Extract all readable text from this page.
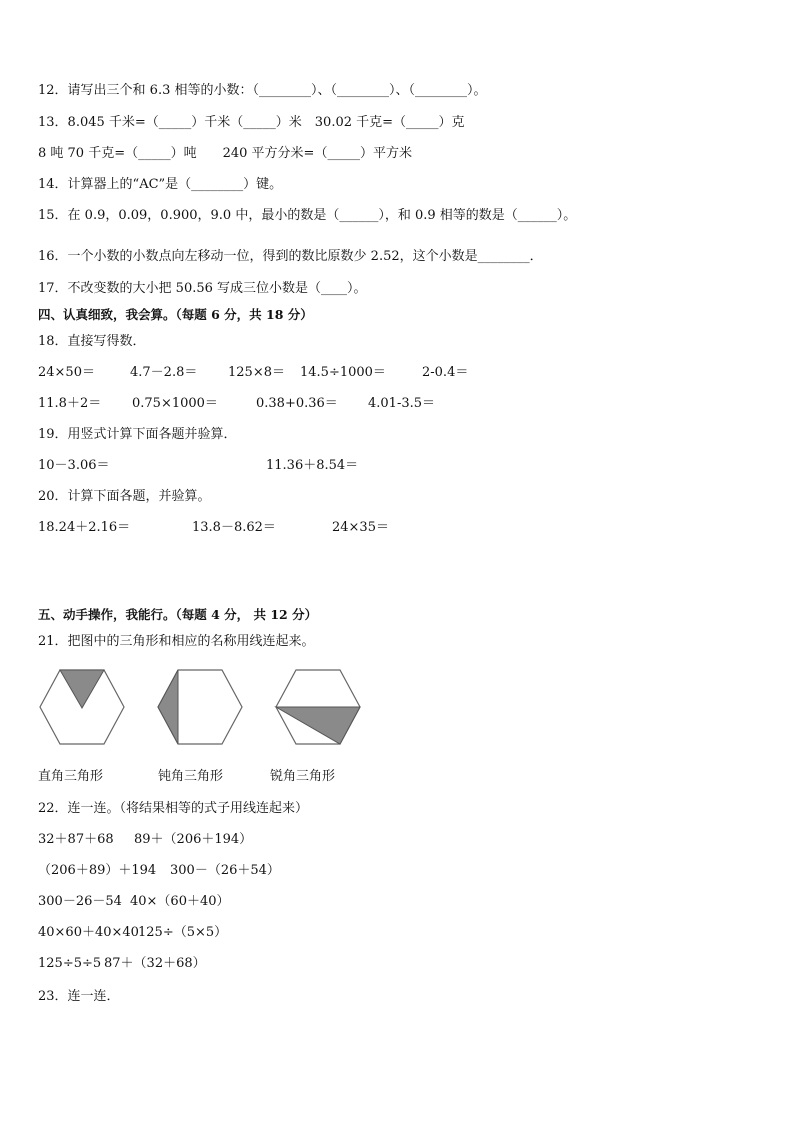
12．请写出三个和 6.3 相等的小数：（________）、（________）、（________）。
13．8.045 千米=（_____）千米（_____）米　30.02 千克=（_____）克
8 吨 70 千克=（_____）吨　　240 平方分米=（_____）平方米
14．计算器上的“AC”是（________）键。
15．在 0.9，0.09，0.900，9.0 中，最小的数是（______），和 0.9 相等的数是（______）。
16．一个小数的小数点向左移动一位，得到的数比原数少 2.52，这个小数是________．
17．不改变数的大小把 50.56 写成三位小数是（____）。
四、认真细致，我会算。（每题 6 分，共 18 分）
18．直接写得数．
24×50＝	4.7－2.8＝ 125×8＝ 14.5÷1000＝	2-0.4＝
11.8＋2＝ 0.75×1000＝	0.38+0.36＝ 4.01-3.5＝
19．用竖式计算下面各题并验算．
10－3.06＝	11.36＋8.54＝
20．计算下面各题，并验算。
18.24＋2.16＝	13.8－8.62＝	24×35＝
五、动手操作，我能行。（每题 4 分， 共 12 分）
21．把图中的三角形和相应的名称用线连起来。
直角三角形	钝角三角形	锐角三角形
22．连一连。（将结果相等的式子用线连起来）
32＋87＋68 89＋（206＋194）
（206＋89）＋194 300－（26＋54）
300－26－54 40×（60＋40）
40×60＋40×40 125÷（5×5）
125÷5÷5 87＋（32＋68）
23．连一连．
